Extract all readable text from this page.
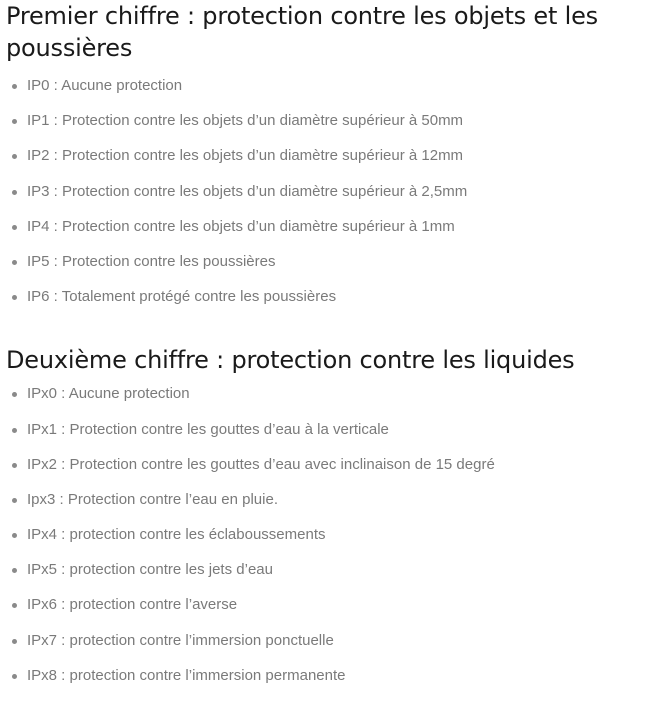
Premier chiffre : protection contre les objets et les poussières
IP0 : Aucune protection
IP1 : Protection contre les objets d’un diamètre supérieur à 50mm
IP2 : Protection contre les objets d’un diamètre supérieur à 12mm
IP3 : Protection contre les objets d’un diamètre supérieur à 2,5mm
IP4 : Protection contre les objets d’un diamètre supérieur à 1mm
IP5 : Protection contre les poussières
IP6 : Totalement protégé contre les poussières
Deuxième chiffre : protection contre les liquides
IPx0 : Aucune protection
IPx1 : Protection contre les gouttes d’eau à la verticale
IPx2 : Protection contre les gouttes d’eau avec inclinaison de 15 degré
Ipx3 : Protection contre l’eau en pluie.
IPx4 : protection contre les éclaboussements
IPx5 : protection contre les jets d’eau
IPx6 : protection contre l’averse
IPx7 : protection contre l’immersion ponctuelle
IPx8 : protection contre l’immersion permanente
